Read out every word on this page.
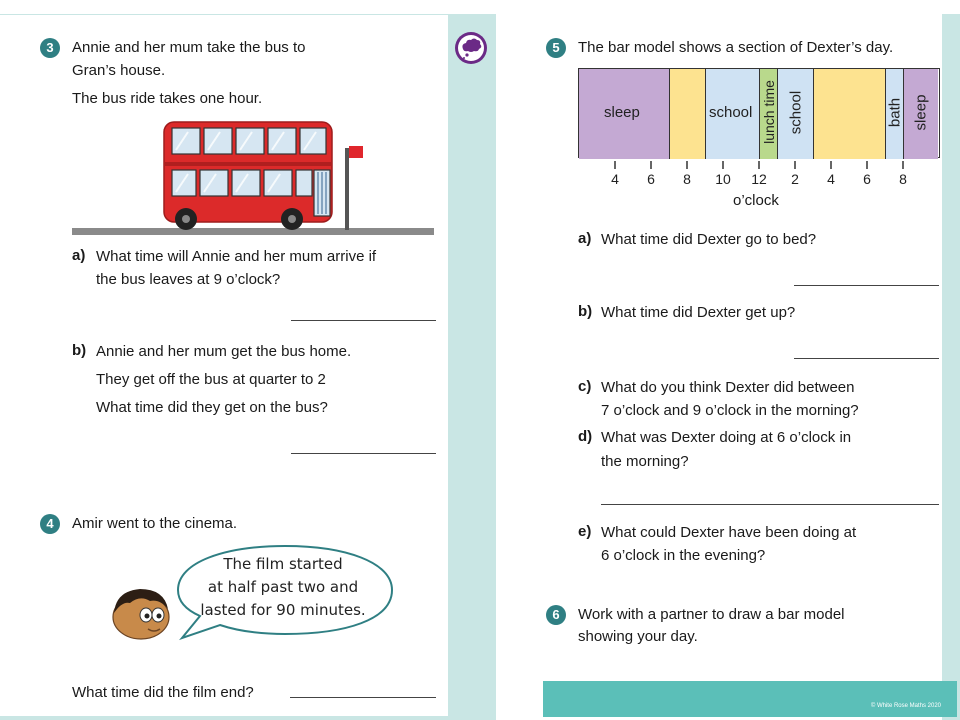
3	Annie and her mum take the bus to
Gran’s house.
The bus ride takes one hour.
a) What time will Annie and her mum arrive if
the bus leaves at 9 o’clock?
b) Annie and her mum get the bus home.
They get off the bus at quarter to 2
What time did they get on the bus?
4	Amir went to the cinema.
The film started
at half past two and
lasted for 90 minutes.
What time did the film end?
5	The bar model shows a section of Dexter’s day.
sleep	school lunch time school	bath sleep
4	6	8	10	12	2	4	6	8
o’clock
a) What time did Dexter go to bed?
b) What time did Dexter get up?
c) What do you think Dexter did between
7 o’clock and 9 o’clock in the morning?
d) What was Dexter doing at 6 o’clock in
the morning?
e) What could Dexter have been doing at
6 o’clock in the evening?
6	Work with a partner to draw a bar model
showing your day.
© White Rose Maths 2020
